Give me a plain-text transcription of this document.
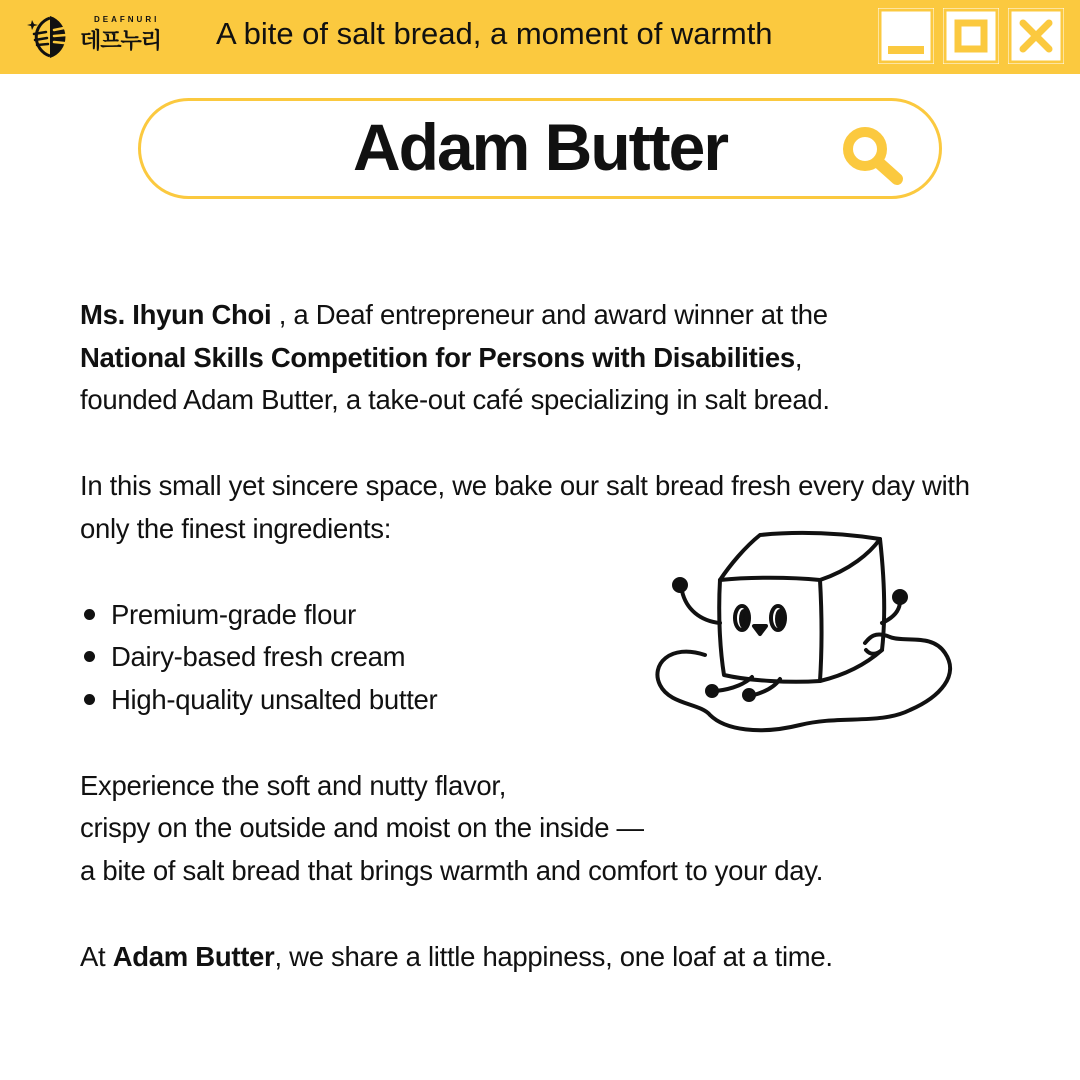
DEAFNURI
데프누리 A bite of salt bread, a moment of warmth
Adam Butter

Ms. Ihyun Choi , a Deaf entrepreneur and award winner at the
National Skills Competition for Persons with Disabilities,
founded Adam Butter, a take-out café specializing in salt bread.

In this small yet sincere space, we bake our salt bread fresh every day with only the finest ingredients:

Premium-grade flour
Dairy-based fresh cream
High-quality unsalted butter

Experience the soft and nutty flavor,
crispy on the outside and moist on the inside —
a bite of salt bread that brings warmth and comfort to your day.

At Adam Butter, we share a little happiness, one loaf at a time.
